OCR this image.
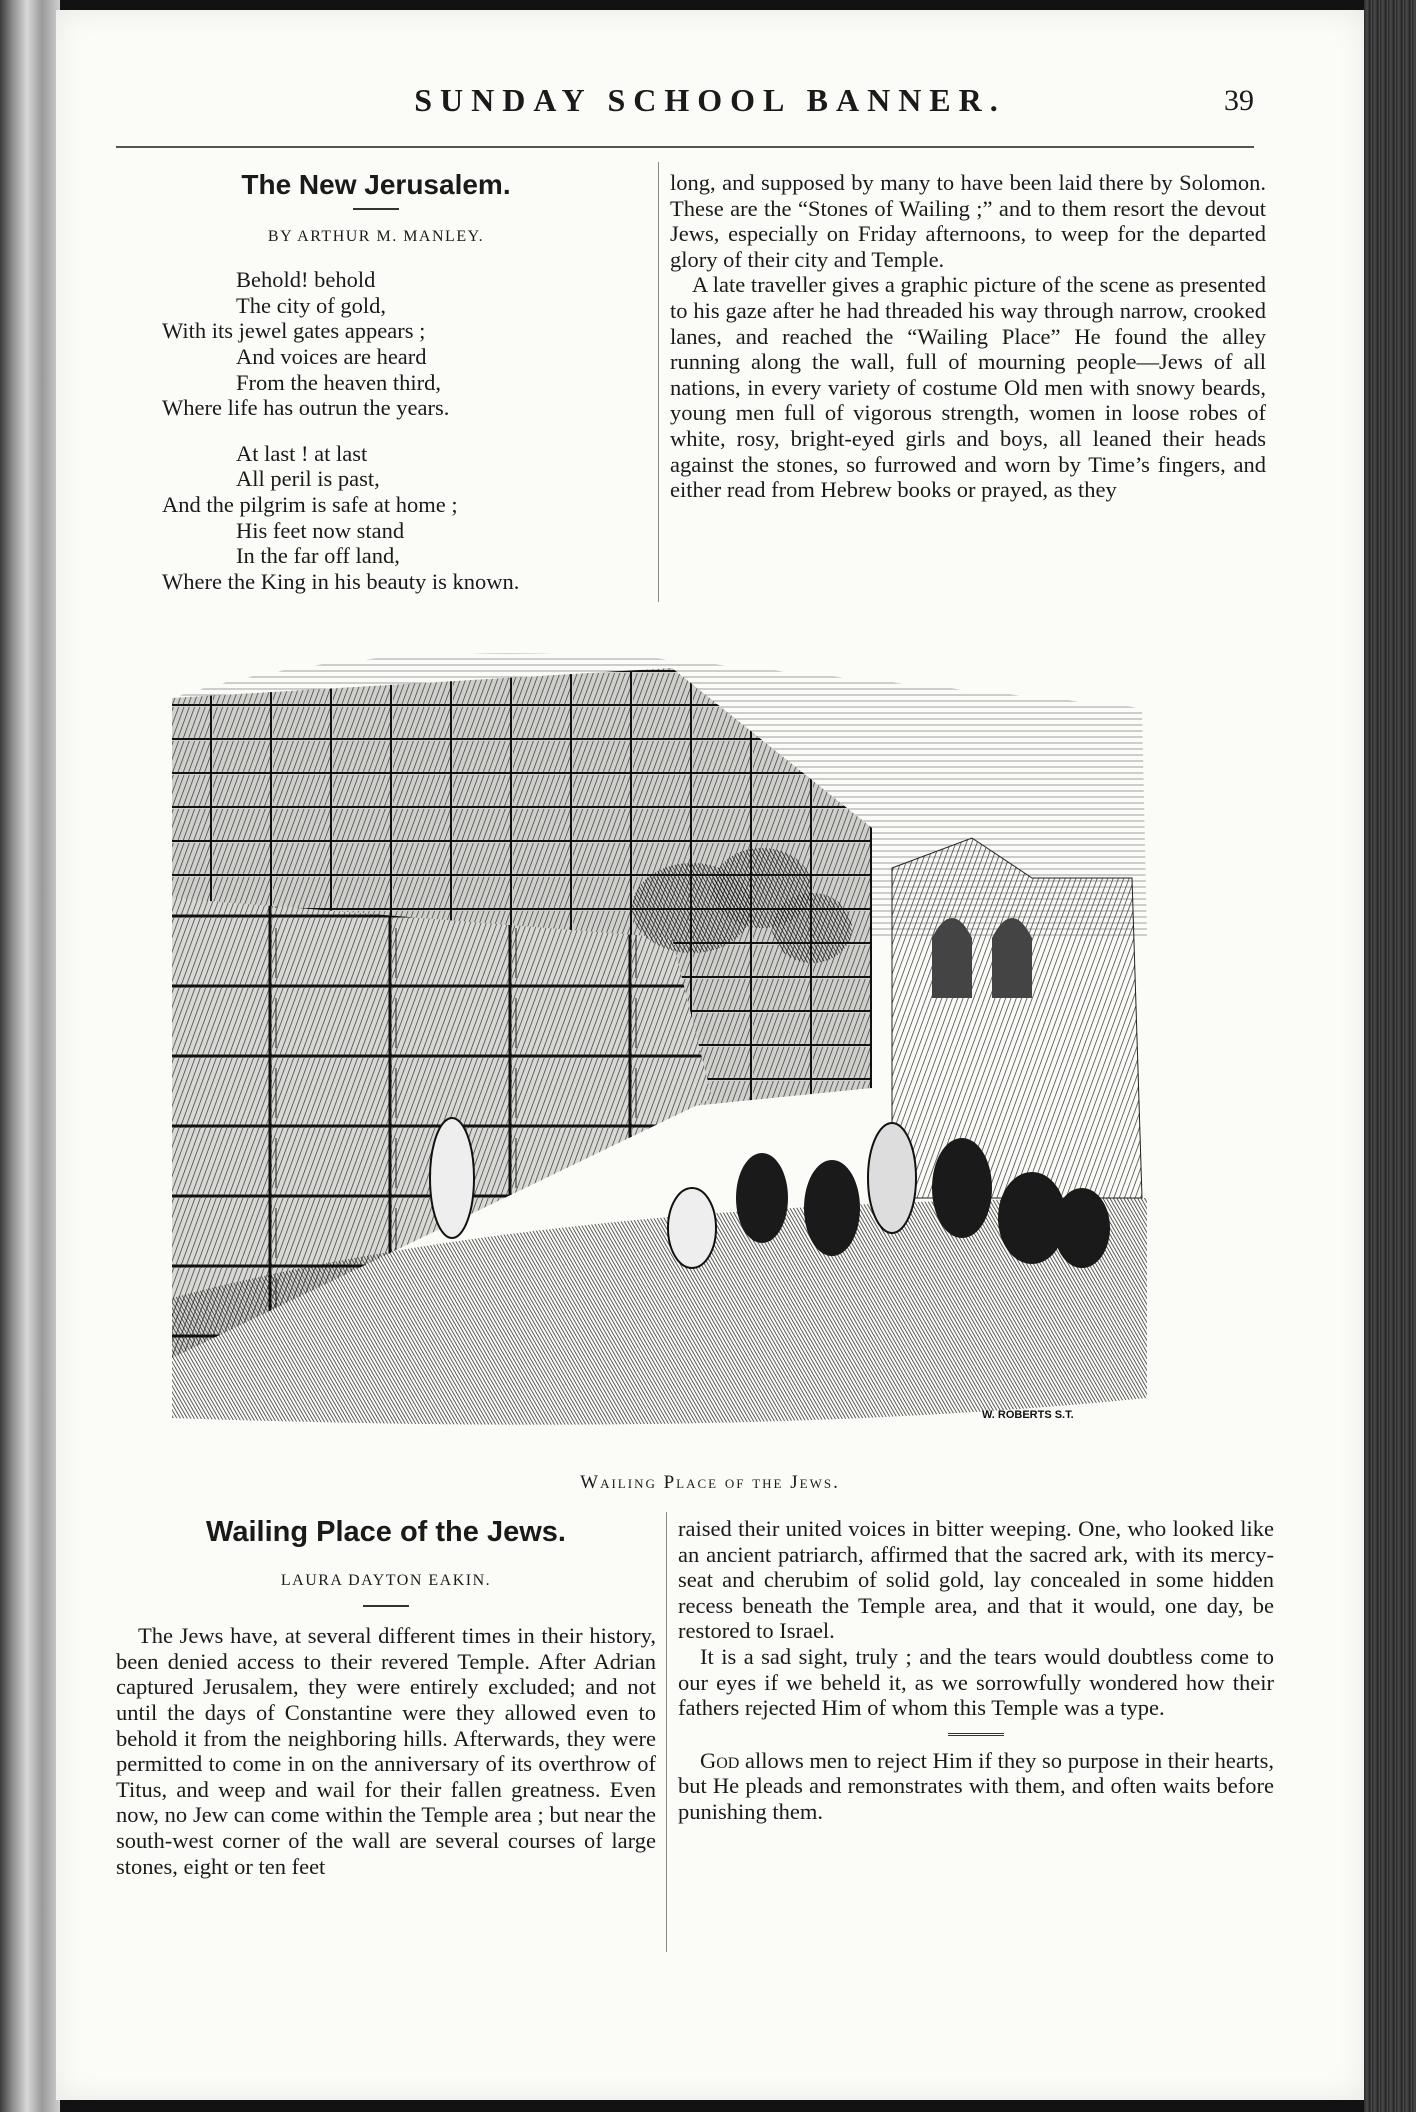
SUNDAY SCHOOL BANNER.	39
The New Jerusalem.
BY ARTHUR M. MANLEY.
Behold! behold
The city of gold,
With its jewel gates appears ;
And voices are heard
From the heaven third,
Where life has outrun the years.
At last ! at last
All peril is past,
And the pilgrim is safe at home ;
His feet now stand
In the far off land,
Where the King in his beauty is known.

long, and supposed by many to have been laid there by Solomon. These are the “Stones of Wailing ;” and to them resort the devout Jews, especially on Friday afternoons, to weep for the departed glory of their city and Temple.

A late traveller gives a graphic picture of the scene as presented to his gaze after he had threaded his way through narrow, crooked lanes, and reached the “Wailing Place” He found the alley running along the wall, full of mourning people—Jews of all nations, in every variety of costume Old men with snowy beards, young men full of vigorous strength, women in loose robes of white, rosy, bright-eyed girls and boys, all leaned their heads against the stones, so furrowed and worn by Time’s fingers, and either read from Hebrew books or prayed, as they

W. ROBERTS S.T.
Wailing Place of the Jews.
Wailing Place of the Jews.
LAURA DAYTON EAKIN.

The Jews have, at several different times in their history, been denied access to their revered Temple. After Adrian captured Jerusalem, they were entirely excluded; and not until the days of Constantine were they allowed even to behold it from the neighboring hills. Afterwards, they were permitted to come in on the anniversary of its overthrow of Titus, and weep and wail for their fallen greatness. Even now, no Jew can come within the Temple area ; but near the south-west corner of the wall are several courses of large stones, eight or ten feet

raised their united voices in bitter weeping. One, who looked like an ancient patriarch, affirmed that the sacred ark, with its mercy-seat and cherubim of solid gold, lay concealed in some hidden recess beneath the Temple area, and that it would, one day, be restored to Israel.

It is a sad sight, truly ; and the tears would doubtless come to our eyes if we beheld it, as we sorrowfully wondered how their fathers rejected Him of whom this Temple was a type.

God allows men to reject Him if they so purpose in their hearts, but He pleads and remonstrates with them, and often waits before punishing them.
